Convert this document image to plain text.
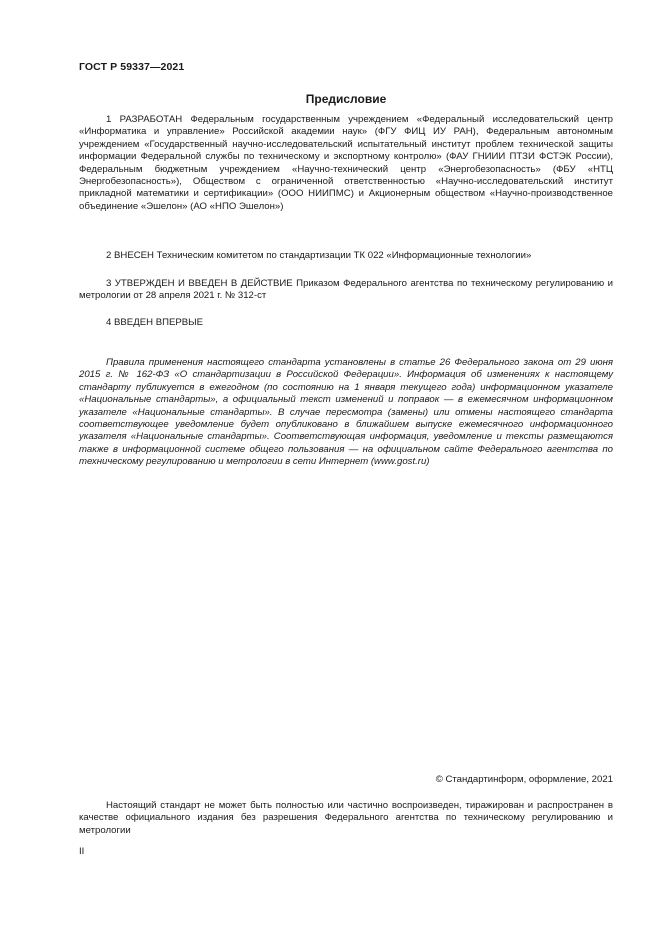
ГОСТ Р 59337—2021
Предисловие

1 РАЗРАБОТАН Федеральным государственным учреждением «Федеральный исследовательский центр «Информатика и управление» Российской академии наук» (ФГУ ФИЦ ИУ РАН), Федеральным автономным учреждением «Государственный научно-исследовательский испытательный институт проблем технической защиты информации Федеральной службы по техническому и экспортному контролю» (ФАУ ГНИИИ ПТЗИ ФСТЭК России), Федеральным бюджетным учреждением «Научно-технический центр «Энергобезопасность» (ФБУ «НТЦ Энергобезопасность»), Обществом с ограниченной ответственностью «Научно-исследовательский институт прикладной математики и сертификации» (ООО НИИПМС) и Акционерным обществом «Научно-производственное объединение «Эшелон» (АО «НПО Эшелон»)

2 ВНЕСЕН Техническим комитетом по стандартизации ТК 022 «Информационные технологии»

3 УТВЕРЖДЕН И ВВЕДЕН В ДЕЙСТВИЕ Приказом Федерального агентства по техническому регулированию и метрологии от 28 апреля 2021 г. № 312-ст

4 ВВЕДЕН ВПЕРВЫЕ

Правила применения настоящего стандарта установлены в статье 26 Федерального закона от 29 июня 2015 г. № 162-ФЗ «О стандартизации в Российской Федерации». Информация об изменениях к настоящему стандарту публикуется в ежегодном (по состоянию на 1 января текущего года) информационном указателе «Национальные стандарты», а официальный текст изменений и поправок — в ежемесячном информационном указателе «Национальные стандарты». В случае пересмотра (замены) или отмены настоящего стандарта соответствующее уведомление будет опубликовано в ближайшем выпуске ежемесячного информационного указателя «Национальные стандарты». Соответствующая информация, уведомление и тексты размещаются также в информационной системе общего пользования — на официальном сайте Федерального агентства по техническому регулированию и метрологии в сети Интернет (www.gost.ru)

© Стандартинформ, оформление, 2021

Настоящий стандарт не может быть полностью или частично воспроизведен, тиражирован и распространен в качестве официального издания без разрешения Федерального агентства по техническому регулированию и метрологии

II
